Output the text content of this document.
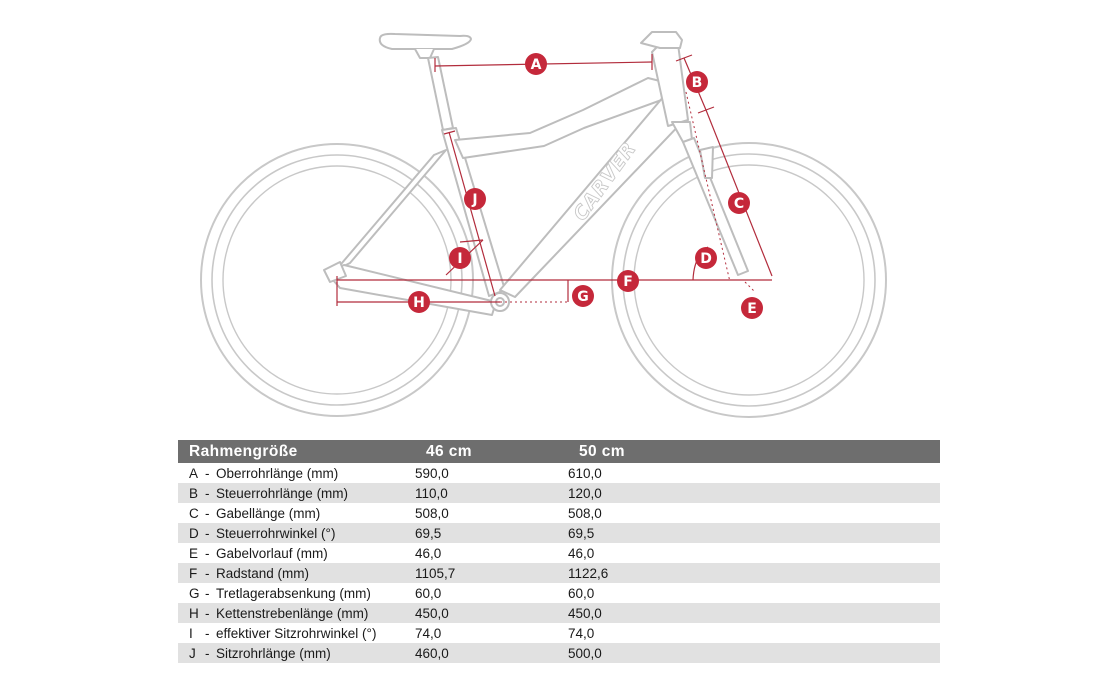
CARVER
A
B
C
D
E
F
G
H
I
J
Rahmengröße	46 cm	50 cm
A - Oberrohrlänge (mm)	590,0	610,0
B - Steuerrohrlänge (mm)	110,0	120,0
C - Gabellänge (mm)	508,0	508,0
D - Steuerrohrwinkel (°)	69,5	69,5
E - Gabelvorlauf (mm)	46,0	46,0
F - Radstand (mm)	1105,7	1122,6
G - Tretlagerabsenkung (mm)	60,0	60,0
H - Kettenstrebenlänge (mm)	450,0	450,0
I - effektiver Sitzrohrwinkel (°)	74,0	74,0
J - Sitzrohrlänge (mm)	460,0	500,0
